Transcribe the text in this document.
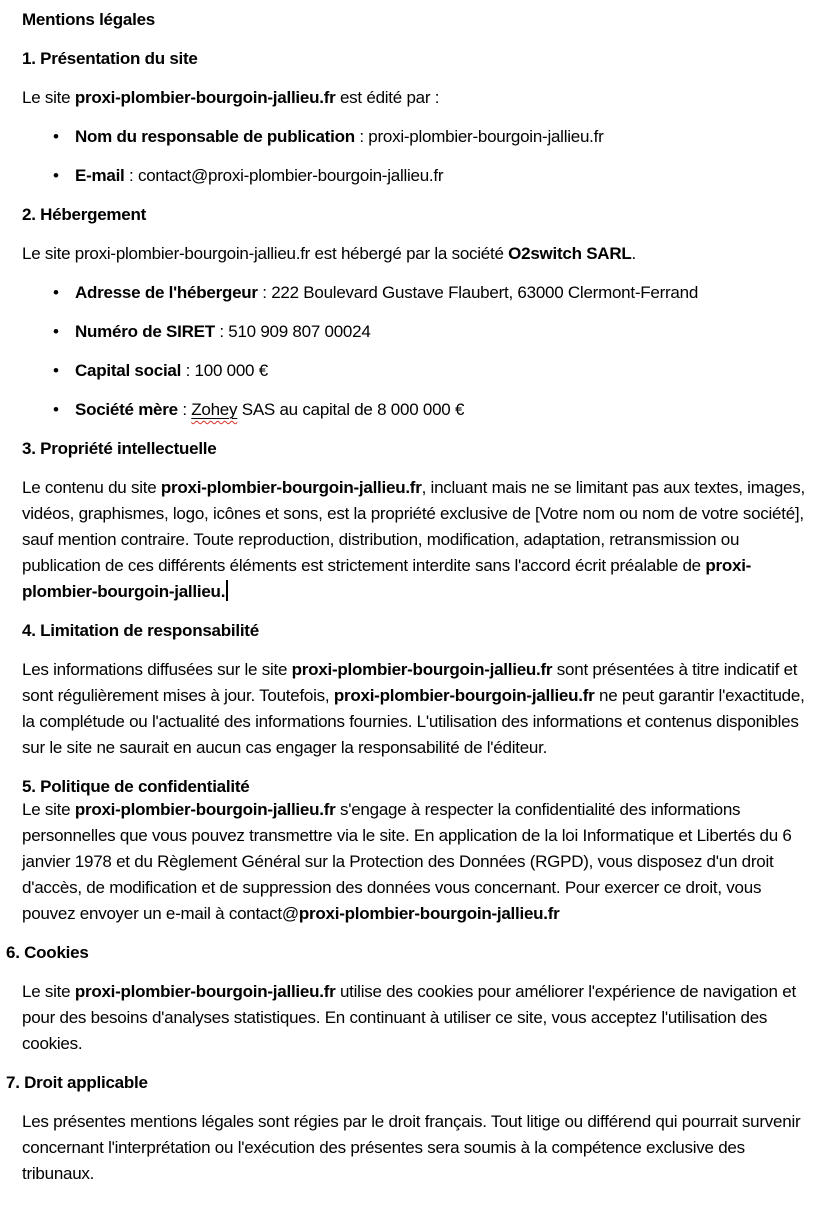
Mentions légales
1. Présentation du site

Le site proxi-plombier-bourgoin-jallieu.fr est édité par :

• Nom du responsable de publication : proxi-plombier-bourgoin-jallieu.fr
• E-mail : contact@proxi-plombier-bourgoin-jallieu.fr
2. Hébergement

Le site proxi-plombier-bourgoin-jallieu.fr est hébergé par la société O2switch SARL.

• Adresse de l'hébergeur : 222 Boulevard Gustave Flaubert, 63000 Clermont-Ferrand
• Numéro de SIRET : 510 909 807 00024
• Capital social : 100 000 €
• Société mère : Zohey SAS au capital de 8 000 000 €
3. Propriété intellectuelle

Le contenu du site proxi-plombier-bourgoin-jallieu.fr, incluant mais ne se limitant pas aux textes, images, vidéos, graphismes, logo, icônes et sons, est la propriété exclusive de [Votre nom ou nom de votre société], sauf mention contraire. Toute reproduction, distribution, modification, adaptation, retransmission ou publication de ces différents éléments est strictement interdite sans l'accord écrit préalable de proxi-plombier-bourgoin-jallieu.

4. Limitation de responsabilité

Les informations diffusées sur le site proxi-plombier-bourgoin-jallieu.fr sont présentées à titre indicatif et sont régulièrement mises à jour. Toutefois, proxi-plombier-bourgoin-jallieu.fr ne peut garantir l'exactitude, la complétude ou l'actualité des informations fournies. L'utilisation des informations et contenus disponibles sur le site ne saurait en aucun cas engager la responsabilité de l'éditeur.

5. Politique de confidentialité

Le site proxi-plombier-bourgoin-jallieu.fr s'engage à respecter la confidentialité des informations personnelles que vous pouvez transmettre via le site. En application de la loi Informatique et Libertés du 6 janvier 1978 et du Règlement Général sur la Protection des Données (RGPD), vous disposez d'un droit d'accès, de modification et de suppression des données vous concernant. Pour exercer ce droit, vous pouvez envoyer un e-mail à contact@proxi-plombier-bourgoin-jallieu.fr

6. Cookies

Le site proxi-plombier-bourgoin-jallieu.fr utilise des cookies pour améliorer l'expérience de navigation et pour des besoins d'analyses statistiques. En continuant à utiliser ce site, vous acceptez l'utilisation des cookies.

7. Droit applicable

Les présentes mentions légales sont régies par le droit français. Tout litige ou différend qui pourrait survenir concernant l'interprétation ou l'exécution des présentes sera soumis à la compétence exclusive des tribunaux.
